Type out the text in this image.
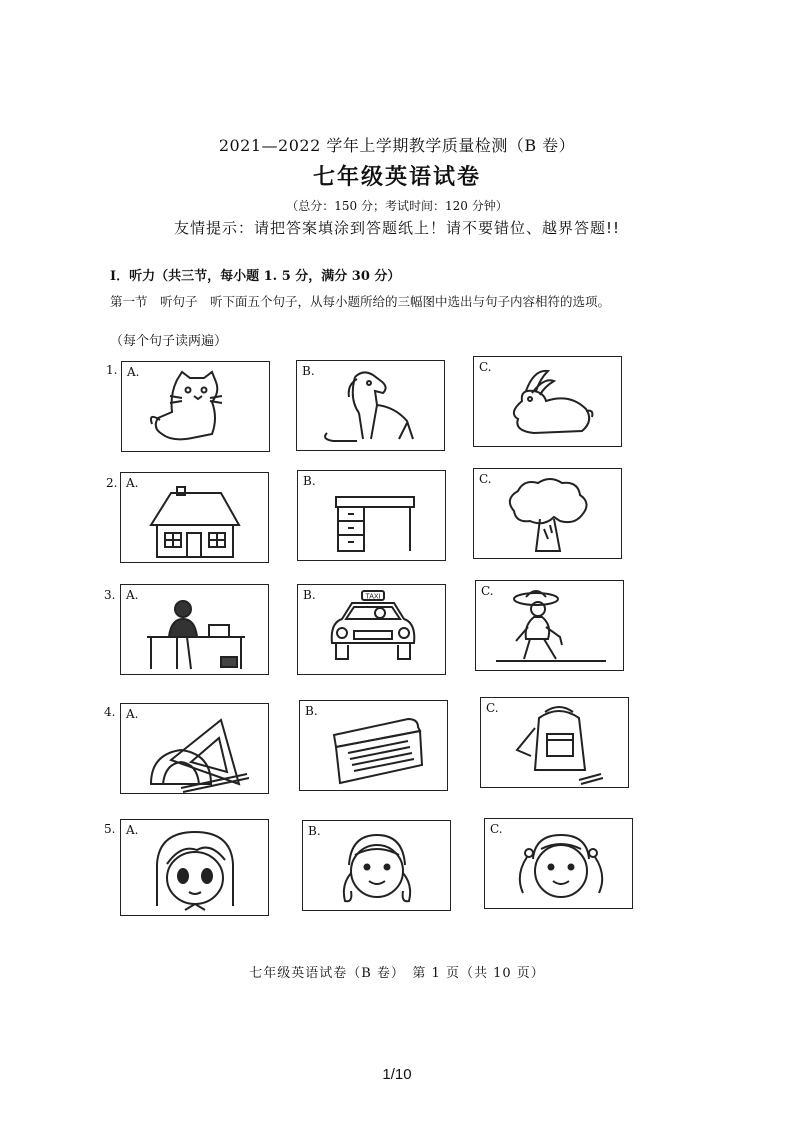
2021—2022 学年上学期教学质量检测（B 卷）
七年级英语试卷
（总分：150 分；考试时间：120 分钟）
友情提示：请把答案填涂到答题纸上！请不要错位、越界答题!!
Ⅰ．听力（共三节，每小题 1. 5 分，满分 30 分）
第一节　听句子　听下面五个句子，从每小题所给的三幅图中选出与句子内容相符的选项。
（每个句子读两遍）
1. A.	B.	C.
2. A.	B.	C.
3. A.	B.	TAXI	C.
4. A.	B.	C.
5. A.	B.	C.
七年级英语试卷（B 卷）　第 1 页（共 10 页）
1/10
